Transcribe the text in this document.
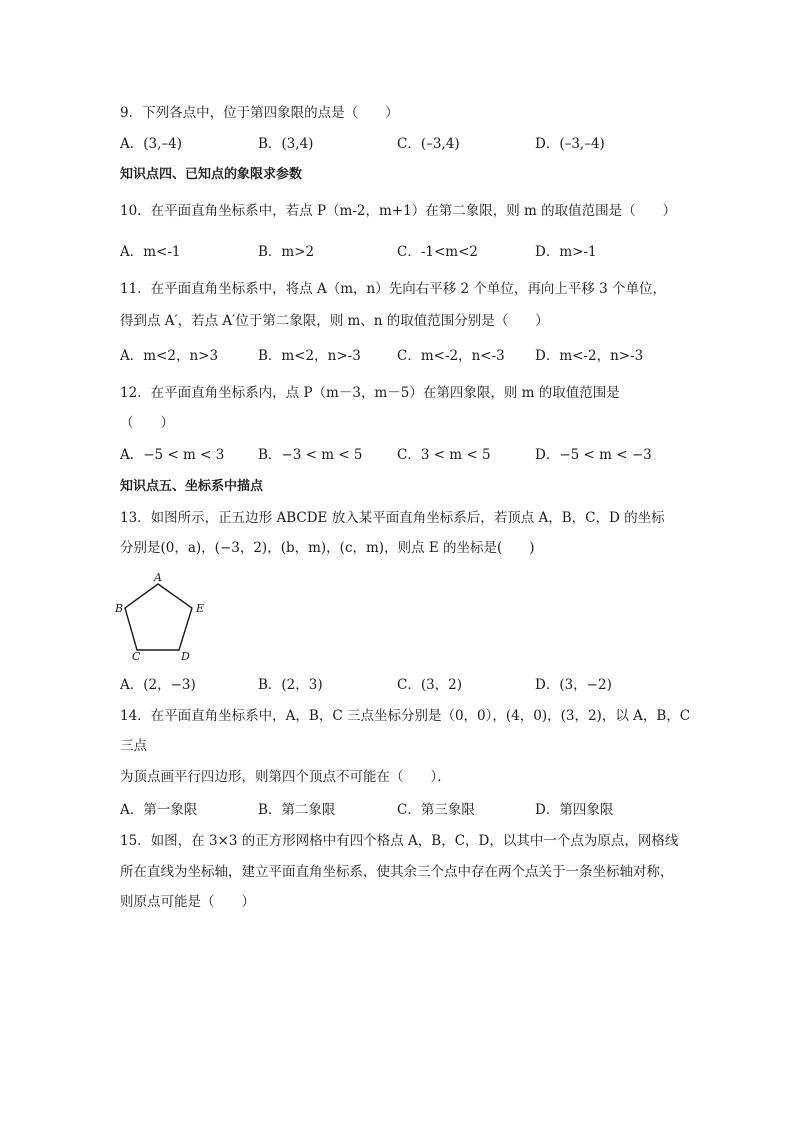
9．下列各点中，位于第四象限的点是（　　）
A．(3,–4)	B．(3,4)	C．(–3,4)	D．(–3,–4)
知识点四、已知点的象限求参数
10．在平面直角坐标系中，若点 P（m-2，m+1）在第二象限，则 m 的取值范围是（　　）
A．m<-1	B．m>2	C．-1<m<2	D．m>-1
11．在平面直角坐标系中，将点 A（m，n）先向右平移 2 个单位，再向上平移 3 个单位，
得到点 A′，若点 A′位于第二象限，则 m、n 的取值范围分别是（　　）
A．m<2，n>3	B．m<2，n>-3	C．m<-2，n<-3 D．m<-2，n>-3
12．在平面直角坐标系内，点 P（m－3，m－5）在第四象限，则 m 的取值范围是
（　　）
A．−5 < m < 3 B．−3 < m < 5	C．3 < m < 5	D．−5 < m < −3
知识点五、坐标系中描点
13．如图所示，正五边形 ABCDE 放入某平面直角坐标系后，若顶点 A，B，C，D 的坐标
分别是(0，a)，(−3，2)，(b，m)，(c，m)，则点 E 的坐标是(　　)
A
B	E
C	D
A．(2，−3)	B．(2，3)	C．(3，2)	D．(3，−2)
14．在平面直角坐标系中，A，B，C 三点坐标分别是（0，0），(4，0)，(3，2)，以 A，B，C
三点
为顶点画平行四边形，则第四个顶点不可能在（　　）．
A．第一象限	B．第二象限	C．第三象限	D．第四象限
15．如图，在 3×3 的正方形网格中有四个格点 A，B，C，D，以其中一个点为原点，网格线
所在直线为坐标轴，建立平面直角坐标系，使其余三个点中存在两个点关于一条坐标轴对称，
则原点可能是（　　）
